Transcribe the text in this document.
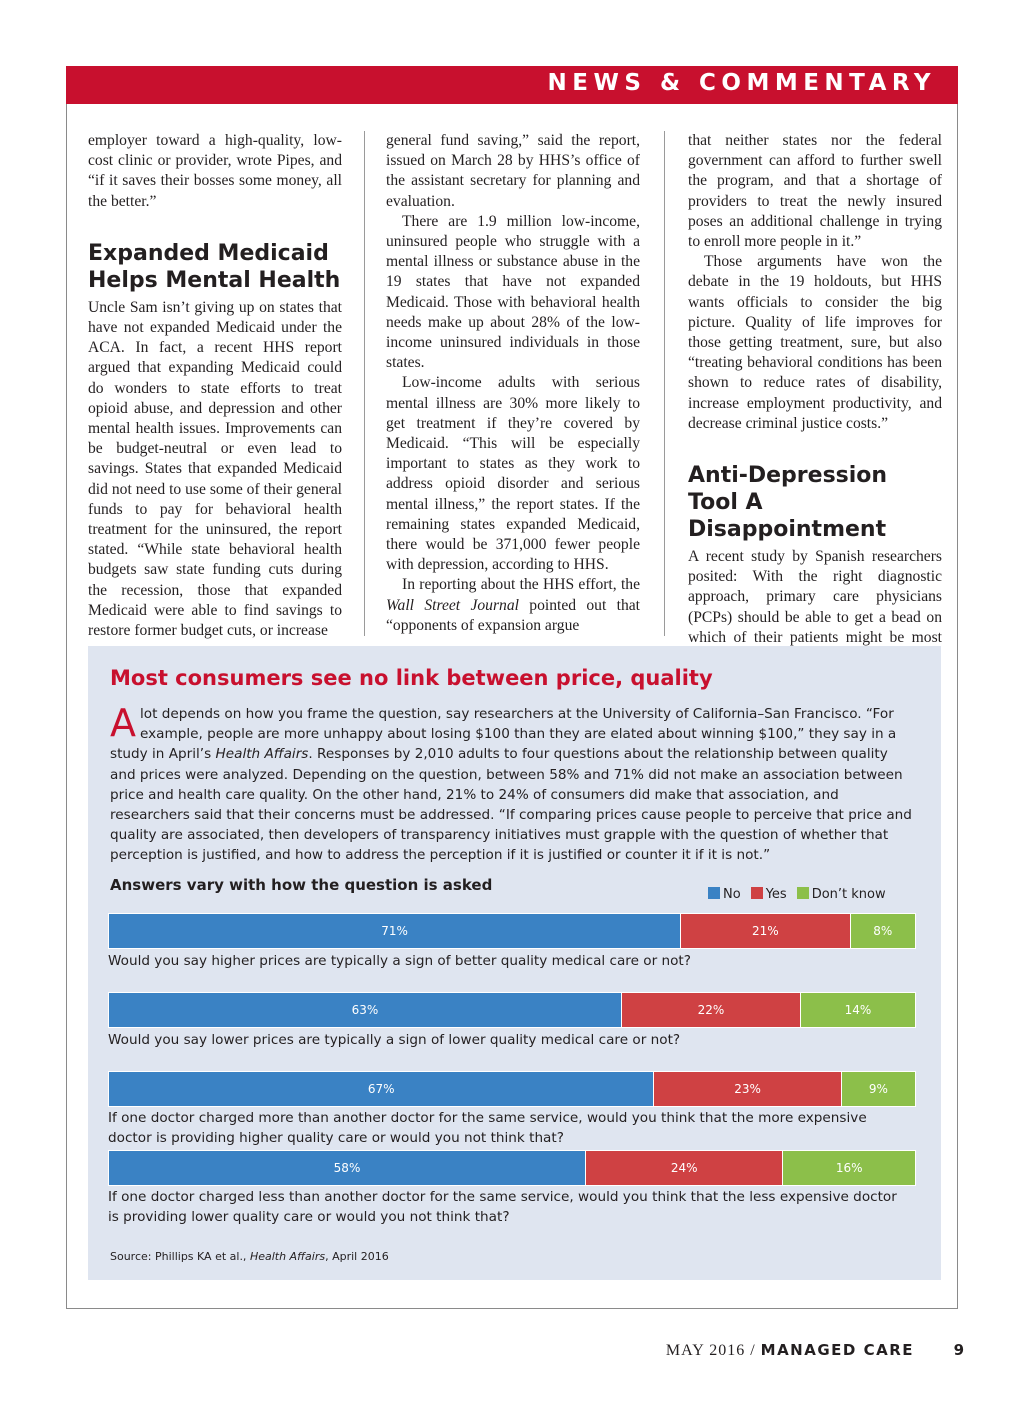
NEWS & COMMENTARY

employer toward a high-quality, low-cost clinic or provider, wrote Pipes, and “if it saves their bosses some money, all the better.”

Expanded Medicaid Helps Mental Health

Uncle Sam isn’t giving up on states that have not expanded Medicaid under the ACA. In fact, a recent HHS report argued that expanding Medicaid could do wonders to state efforts to treat opioid abuse, and depression and other mental health issues. Improvements can be budget-neutral or even lead to savings. States that expanded Medicaid did not need to use some of their general funds to pay for behavioral health treatment for the uninsured, the report stated. “While state behavioral health budgets saw state funding cuts during the recession, those that expanded Medicaid were able to find savings to restore former budget cuts, or increase

general fund saving,” said the report, issued on March 28 by HHS’s office of the assistant secretary for planning and evaluation.

There are 1.9 million low-income, uninsured people who struggle with a mental illness or substance abuse in the 19 states that have not expanded Medicaid. Those with behavioral health needs make up about 28% of the low-income uninsured individuals in those states.

Low-income adults with serious mental illness are 30% more likely to get treatment if they’re covered by Medicaid. “This will be especially important to states as they work to address opioid disorder and serious mental illness,” the report states. If the remaining states expanded Medicaid, there would be 371,000 fewer people with depression, according to HHS.

In reporting about the HHS effort, the Wall Street Journal pointed out that “opponents of expansion argue

that neither states nor the federal government can afford to further swell the program, and that a shortage of providers to treat the newly insured poses an additional challenge in trying to enroll more people in it.”

Those arguments have won the debate in the 19 holdouts, but HHS wants officials to consider the big picture. Quality of life improves for those getting treatment, sure, but also “treating behavioral conditions has been shown to reduce rates of disability, increase employment productivity, and decrease criminal justice costs.”

Anti-Depression Tool A Disappointment

A recent study by Spanish researchers posited: With the right diagnostic approach, primary care physicians (PCPs) should be able to get a bead on which of their patients might be most

Most consumers see no link between price, quality
Alot depends on how you frame the question, say researchers at the University of California–San Francisco. “For example, people are more unhappy about losing $100 than they are elated about winning $100,” they say in a study in April’s Health Affairs. Responses by 2,010 adults to four questions about the relationship between quality and prices were analyzed. Depending on the question, between 58% and 71% did not make an association between price and health care quality. On the other hand, 21% to 24% of consumers did make that association, and researchers said that their concerns must be addressed. “If comparing prices cause people to perceive that price and quality are associated, then developers of transparency initiatives must grapple with the question of whether that perception is justified, and how to address the perception if it is justified or counter it if it is not.”
Answers vary with how the question is asked
No	Yes	Don’t know
71%	21%	8%
Would you say higher prices are typically a sign of better quality medical care or not?
63%	22%	14%
Would you say lower prices are typically a sign of lower quality medical care or not?
67%	23%	9%
If one doctor charged more than another doctor for the same service, would you think that the more expensive doctor is providing higher quality care or would you not think that?
58%	24%	16%
If one doctor charged less than another doctor for the same service, would you think that the less expensive doctor is providing lower quality care or would you not think that?
Source: Phillips KA et al., Health Affairs, April 2016
MAY 2016 / MANAGED CARE	9
